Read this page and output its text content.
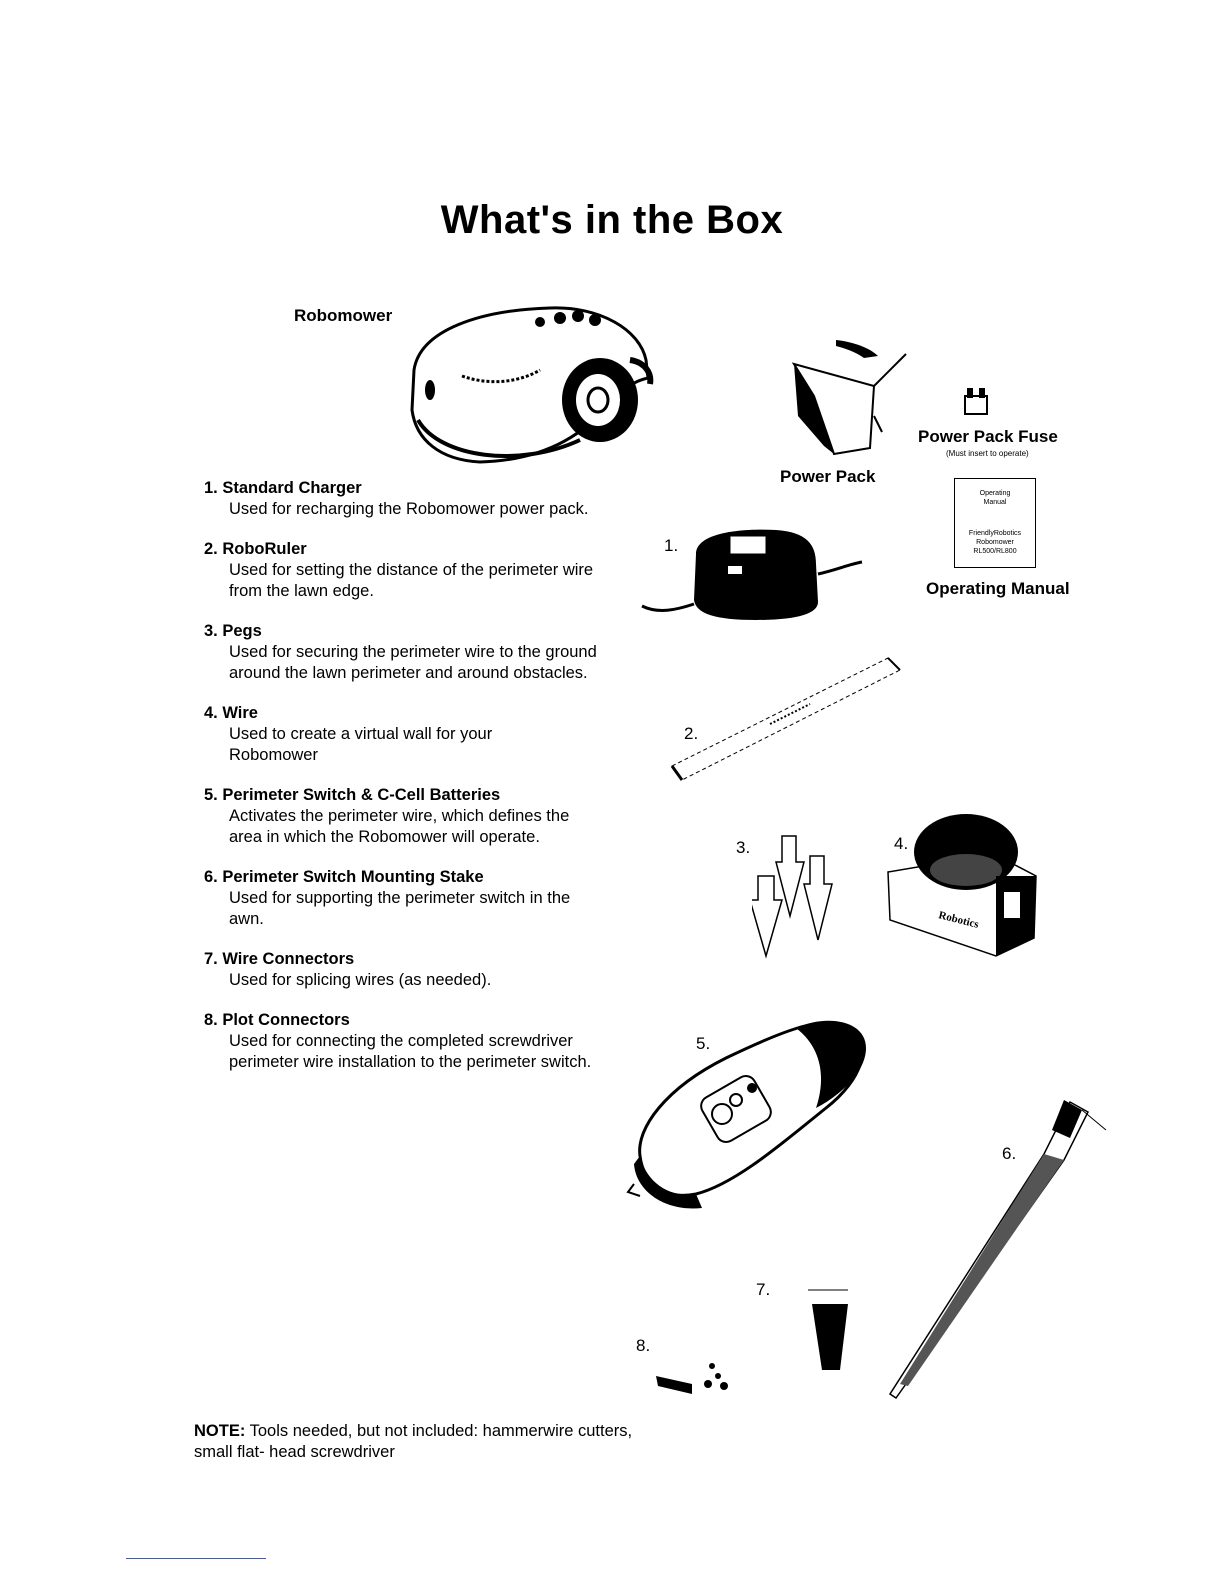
What's in the Box
Robomower
Power Pack
Power Pack Fuse
(Must insert to operate)
Operating
Manual
FriendlyRobotics
Robomower
RL500/RL800
Operating Manual
1.
2.
3.	4.
Robotics
5.
6.
7.
8.
1. Standard Charger
Used for recharging the Robomower power pack.
2. RoboRuler
Used for setting the distance of the perimeter wire from the lawn edge.
3. Pegs
Used for securing the perimeter wire to the ground around the lawn perimeter and around obstacles.
4. Wire
Used to create a virtual wall for your Robomower
5. Perimeter Switch & C-Cell Batteries
Activates the perimeter wire, which defines the area in which the Robomower will operate.
6. Perimeter Switch Mounting Stake
Used for supporting the perimeter switch in the awn.
7. Wire Connectors
Used for splicing wires (as needed).
8. Plot Connectors
Used for connecting the completed screwdriver perimeter wire installation to the perimeter switch.
NOTE: Tools needed, but not included: hammerwire cutters, small flat- head screwdriver
